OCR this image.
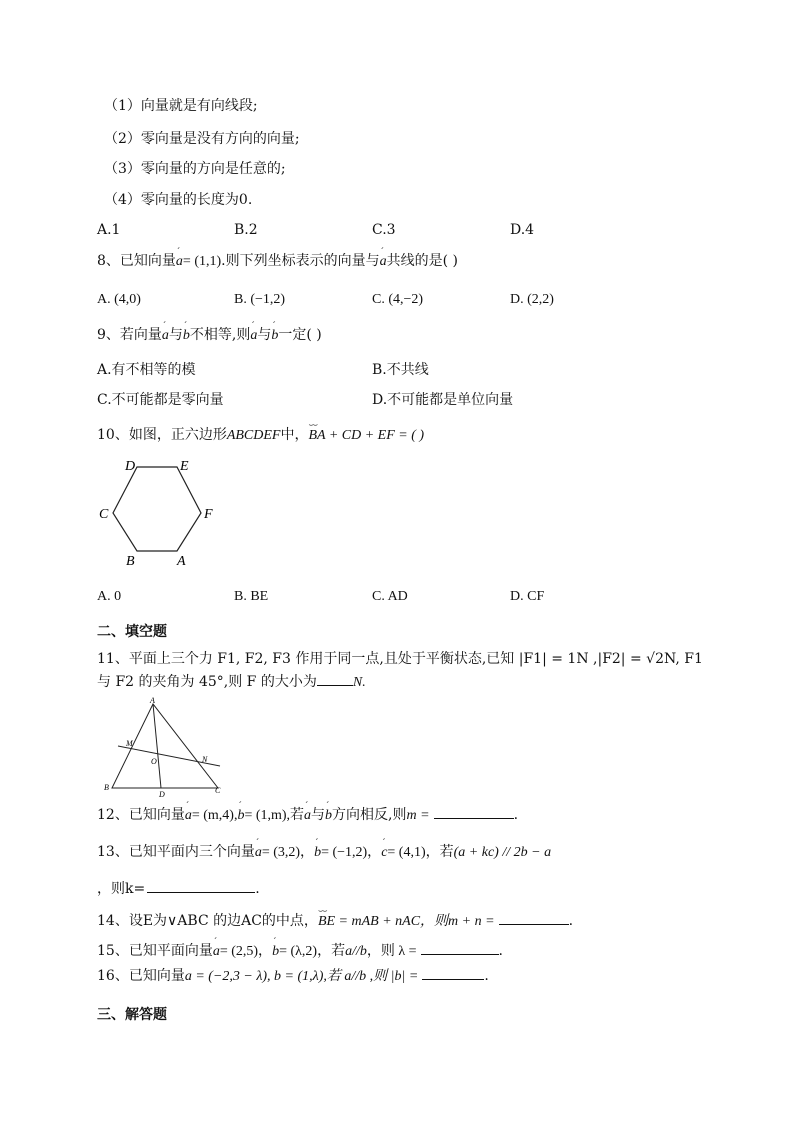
（1）向量就是有向线段;
（2）零向量是没有方向的向量;
（3）零向量的方向是任意的;
（4）零向量的长度为0.
A.1	B.2	C.3	D.4
8、已知向量ˊ a= (1,1).则下列坐标表示的向量与ˊ a共线的是( )
A. (4,0)	B. (−1,2)	C. (4,−2)	D. (2,2)
9、若向量ˊ a与ˊ b不相等,则ˊ a与ˊ b一定( )
A.有不相等的模	B.不共线
C.不可能都是零向量	D.不可能都是单位向量
10、如图，正六边形ABCDEF中，⌣⌣ BA + CD + EF = ( )
D	E
C	F
B	A
A. 0	B. BE	C. AD	D. CF
二、填空题
11、平面上三个力 F1, F2, F3 作用于同一点,且处于平衡状态,已知 |F1| = 1N ,|F2| = √2N, F1
与 F2 的夹角为 45°,则 F 的大小为	N.
A
M
N
O
B
D	C
12、已知向量ˊ a= (m,4),ˊ b= (1,m),若ˊ a与ˊ b方向相反,则m =	.
13、已知平面内三个向量ˊ a= (3,2)，ˊ b= (−1,2)，ˊ c= (4,1)，若(a + kc) // 2b − a
，则k=	.
14、设E为∨ABC 的边AC的中点，⌣⌣ BE = mAB + nAC，则m + n =	.
15、已知平面向量ˊ a= (2,5)，ˊ b= (λ,2)，若a//b，则 λ =	.
16、已知向量a = (−2,3 − λ), b = (1,λ),若 a//b ,则 |b| =	.
三、解答题
